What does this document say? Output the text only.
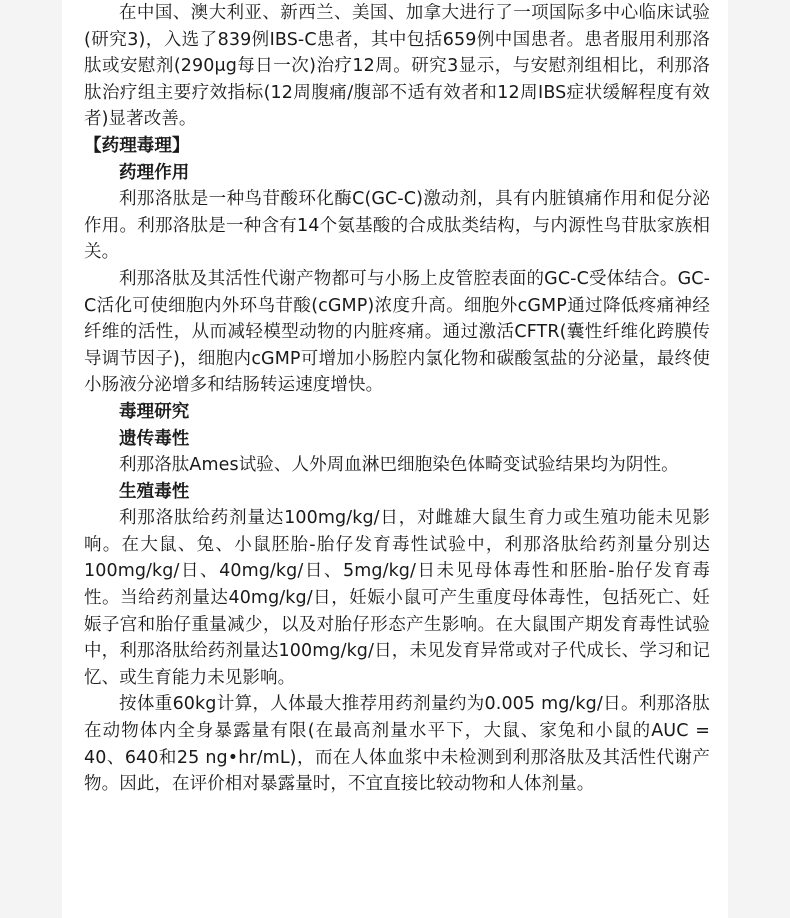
在中国、澳大利亚、新西兰、美国、加拿大进行了一项国际多中心临床试验(研究3)，入选了839例IBS-C患者，其中包括659例中国患者。患者服用利那洛肽或安慰剂(290μg每日一次)治疗12周。研究3显示，与安慰剂组相比，利那洛肽治疗组主要疗效指标(12周腹痛/腹部不适有效者和12周IBS症状缓解程度有效者)显著改善。

【药理毒理】
药理作用

利那洛肽是一种鸟苷酸环化酶C(GC-C)激动剂，具有内脏镇痛作用和促分泌作用。利那洛肽是一种含有14个氨基酸的合成肽类结构，与内源性鸟苷肽家族相关。

利那洛肽及其活性代谢产物都可与小肠上皮管腔表面的GC-C受体结合。GC-C活化可使细胞内外环鸟苷酸(cGMP)浓度升高。细胞外cGMP通过降低疼痛神经纤维的活性，从而减轻模型动物的内脏疼痛。通过激活CFTR(囊性纤维化跨膜传导调节因子)，细胞内cGMP可增加小肠腔内氯化物和碳酸氢盐的分泌量，最终使小肠液分泌增多和结肠转运速度增快。

毒理研究
遗传毒性

利那洛肽Ames试验、人外周血淋巴细胞染色体畸变试验结果均为阴性。

生殖毒性

利那洛肽给药剂量达100mg/kg/日，对雌雄大鼠生育力或生殖功能未见影响。在大鼠、兔、小鼠胚胎-胎仔发育毒性试验中，利那洛肽给药剂量分别达100mg/kg/日、40mg/kg/日、5mg/kg/日未见母体毒性和胚胎-胎仔发育毒性。当给药剂量达40mg/kg/日，妊娠小鼠可产生重度母体毒性，包括死亡、妊娠子宫和胎仔重量减少，以及对胎仔形态产生影响。在大鼠围产期发育毒性试验中，利那洛肽给药剂量达100mg/kg/日，未见发育异常或对子代成长、学习和记忆、或生育能力未见影响。

按体重60kg计算，人体最大推荐用药剂量约为0.005 mg/kg/日。利那洛肽在动物体内全身暴露量有限(在最高剂量水平下，大鼠、家兔和小鼠的AUC = 40、640和25 ng•hr/mL)，而在人体血浆中未检测到利那洛肽及其活性代谢产物。因此，在评价相对暴露量时，不宜直接比较动物和人体剂量。
